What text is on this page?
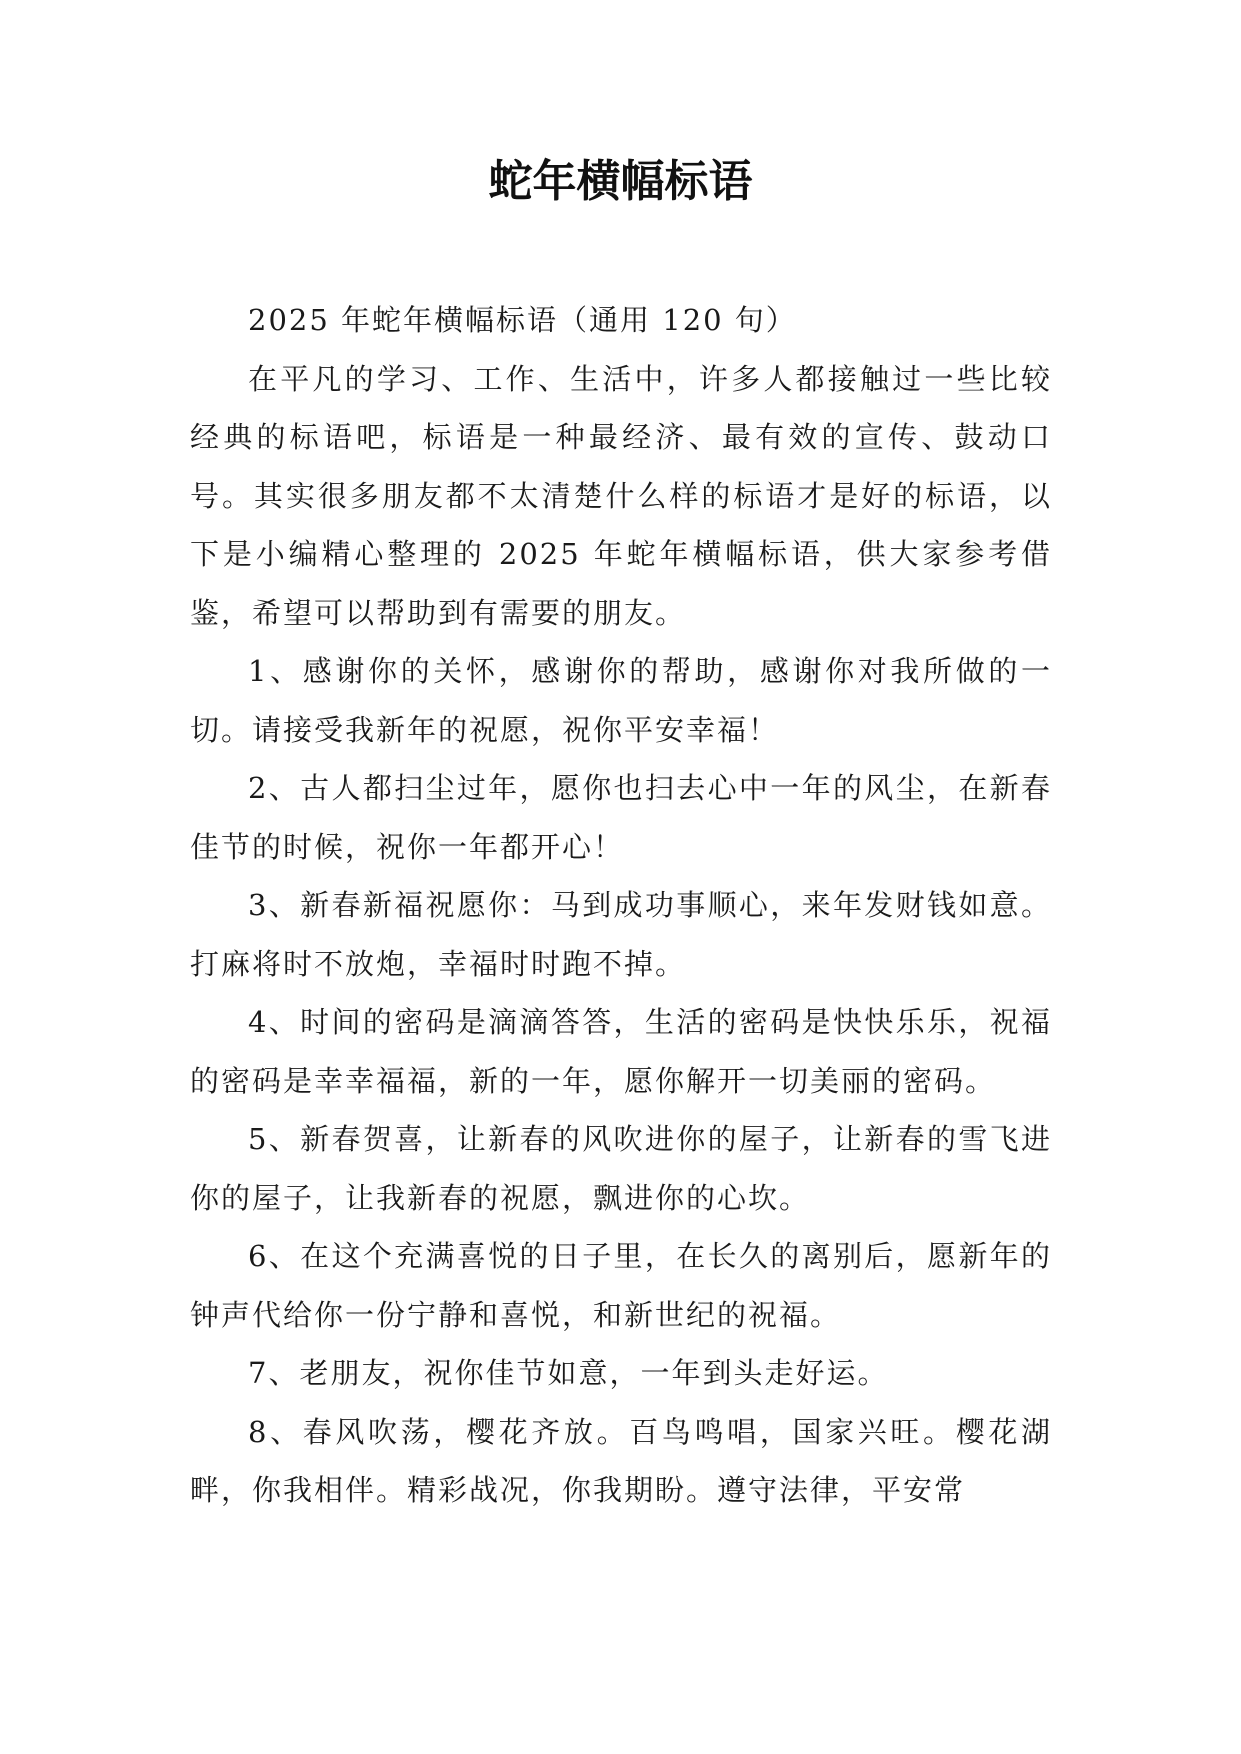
蛇年横幅标语

2025 年蛇年横幅标语（通用 120 句）

在平凡的学习、工作、生活中，许多人都接触过一些比较经典的标语吧，标语是一种最经济、最有效的宣传、鼓动口号。其实很多朋友都不太清楚什么样的标语才是好的标语，以下是小编精心整理的 2025 年蛇年横幅标语，供大家参考借鉴，希望可以帮助到有需要的朋友。

1、感谢你的关怀，感谢你的帮助，感谢你对我所做的一切。请接受我新年的祝愿，祝你平安幸福！

2、古人都扫尘过年，愿你也扫去心中一年的风尘，在新春佳节的时候，祝你一年都开心！

3、新春新福祝愿你：马到成功事顺心，来年发财钱如意。打麻将时不放炮，幸福时时跑不掉。

4、时间的密码是滴滴答答，生活的密码是快快乐乐，祝福的密码是幸幸福福，新的一年，愿你解开一切美丽的密码。

5、新春贺喜，让新春的风吹进你的屋子，让新春的雪飞进你的屋子，让我新春的祝愿，飘进你的心坎。

6、在这个充满喜悦的日子里，在长久的离别后，愿新年的钟声代给你一份宁静和喜悦，和新世纪的祝福。

7、老朋友，祝你佳节如意，一年到头走好运。

8、春风吹荡，樱花齐放。百鸟鸣唱，国家兴旺。樱花湖畔，你我相伴。精彩战况，你我期盼。遵守法律，平安常
